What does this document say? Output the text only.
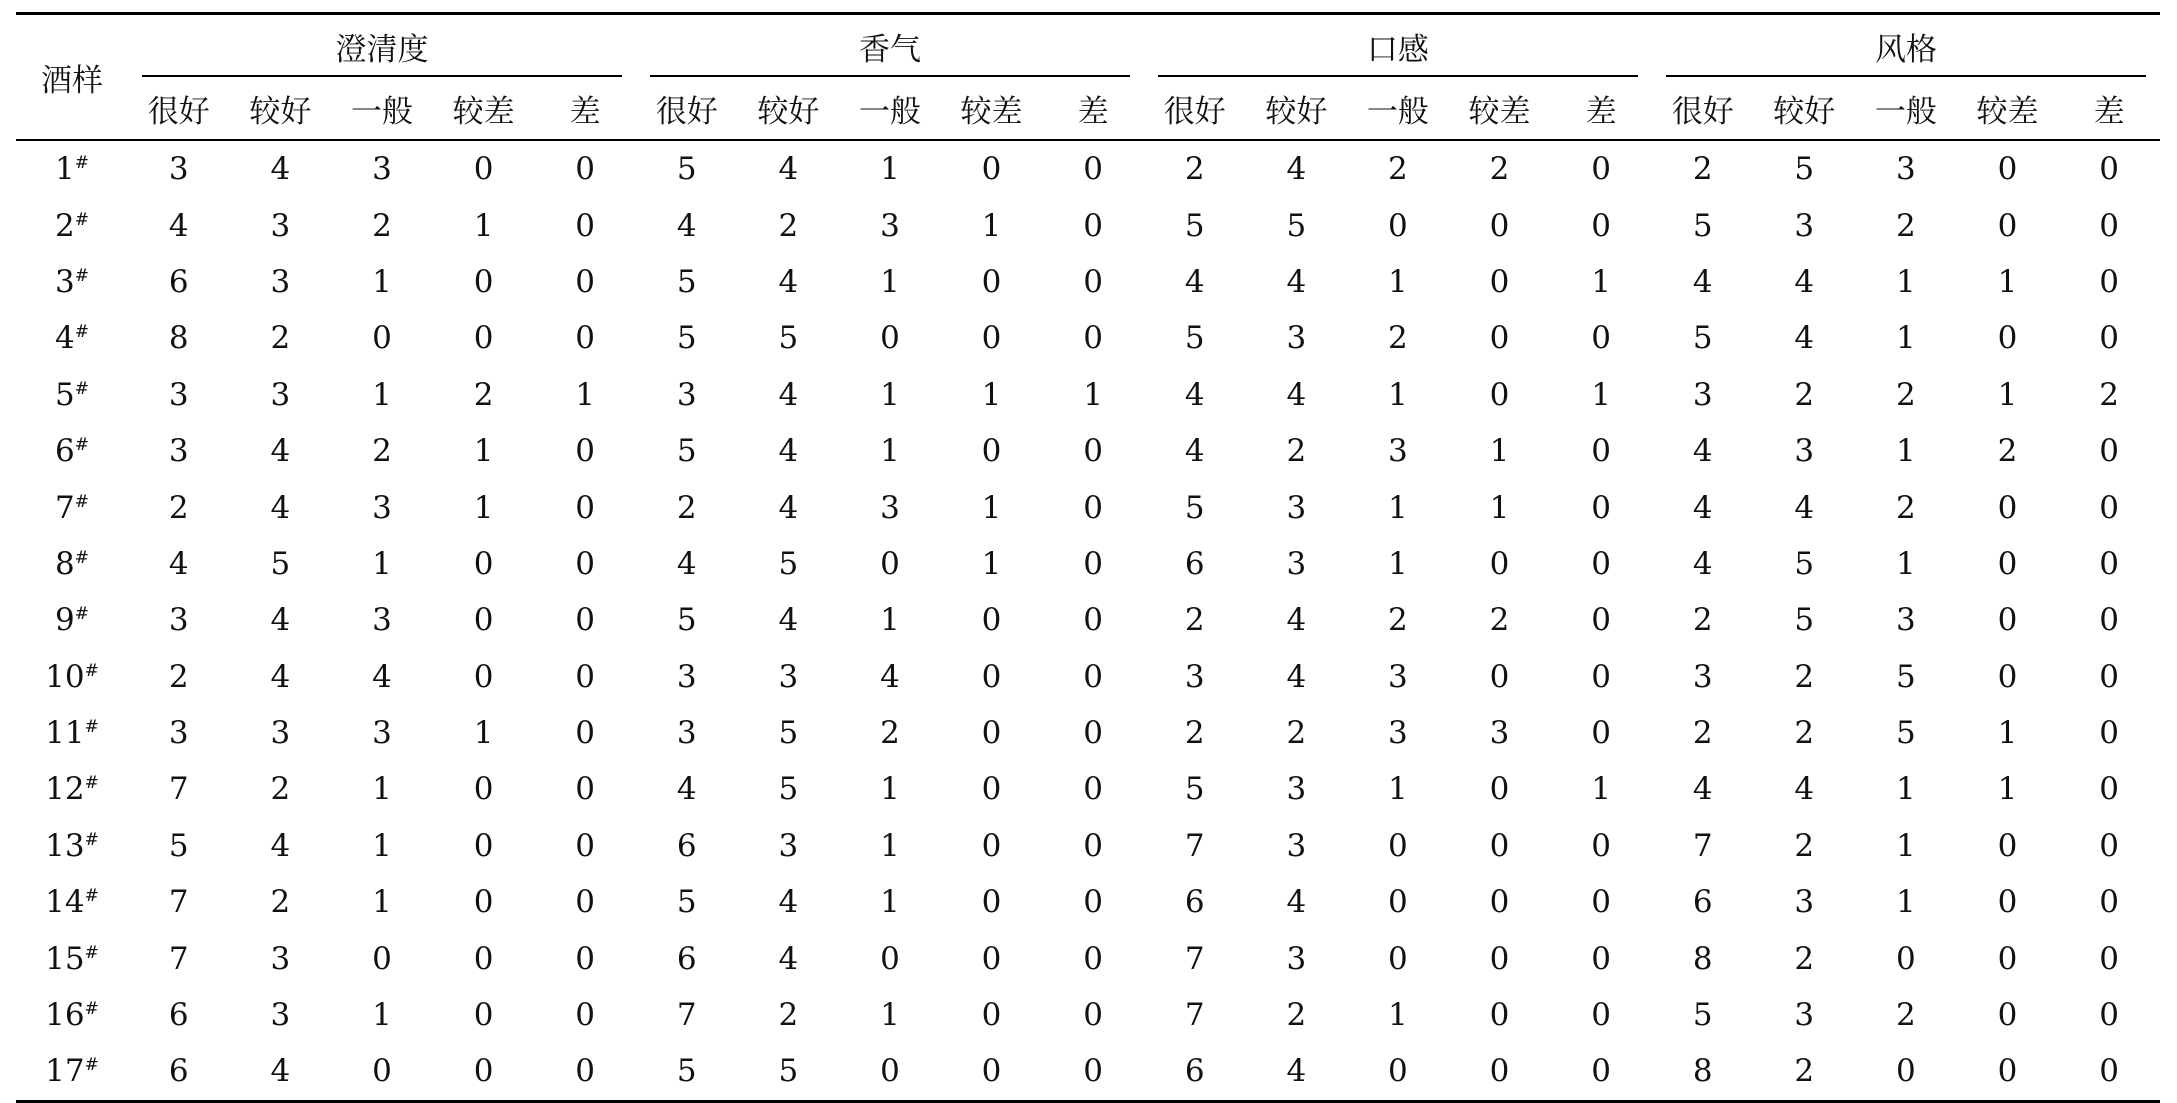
酒样	澄清度					香气					口感					风格				
	很好	较好	一般	较差	差	很好	较好	一般	较差	差	很好	较好	一般	较差	差	很好	较好	一般	较差	差
1#	3	4	3	0	0	5	4	1	0	0	2	4	2	2	0	2	5	3	0	0
2#	4	3	2	1	0	4	2	3	1	0	5	5	0	0	0	5	3	2	0	0
3#	6	3	1	0	0	5	4	1	0	0	4	4	1	0	1	4	4	1	1	0
4#	8	2	0	0	0	5	5	0	0	0	5	3	2	0	0	5	4	1	0	0
5#	3	3	1	2	1	3	4	1	1	1	4	4	1	0	1	3	2	2	1	2
6#	3	4	2	1	0	5	4	1	0	0	4	2	3	1	0	4	3	1	2	0
7#	2	4	3	1	0	2	4	3	1	0	5	3	1	1	0	4	4	2	0	0
8#	4	5	1	0	0	4	5	0	1	0	6	3	1	0	0	4	5	1	0	0
9#	3	4	3	0	0	5	4	1	0	0	2	4	2	2	0	2	5	3	0	0
10#	2	4	4	0	0	3	3	4	0	0	3	4	3	0	0	3	2	5	0	0
11#	3	3	3	1	0	3	5	2	0	0	2	2	3	3	0	2	2	5	1	0
12#	7	2	1	0	0	4	5	1	0	0	5	3	1	0	1	4	4	1	1	0
13#	5	4	1	0	0	6	3	1	0	0	7	3	0	0	0	7	2	1	0	0
14#	7	2	1	0	0	5	4	1	0	0	6	4	0	0	0	6	3	1	0	0
15#	7	3	0	0	0	6	4	0	0	0	7	3	0	0	0	8	2	0	0	0
16#	6	3	1	0	0	7	2	1	0	0	7	2	1	0	0	5	3	2	0	0
17#	6	4	0	0	0	5	5	0	0	0	6	4	0	0	0	8	2	0	0	0
